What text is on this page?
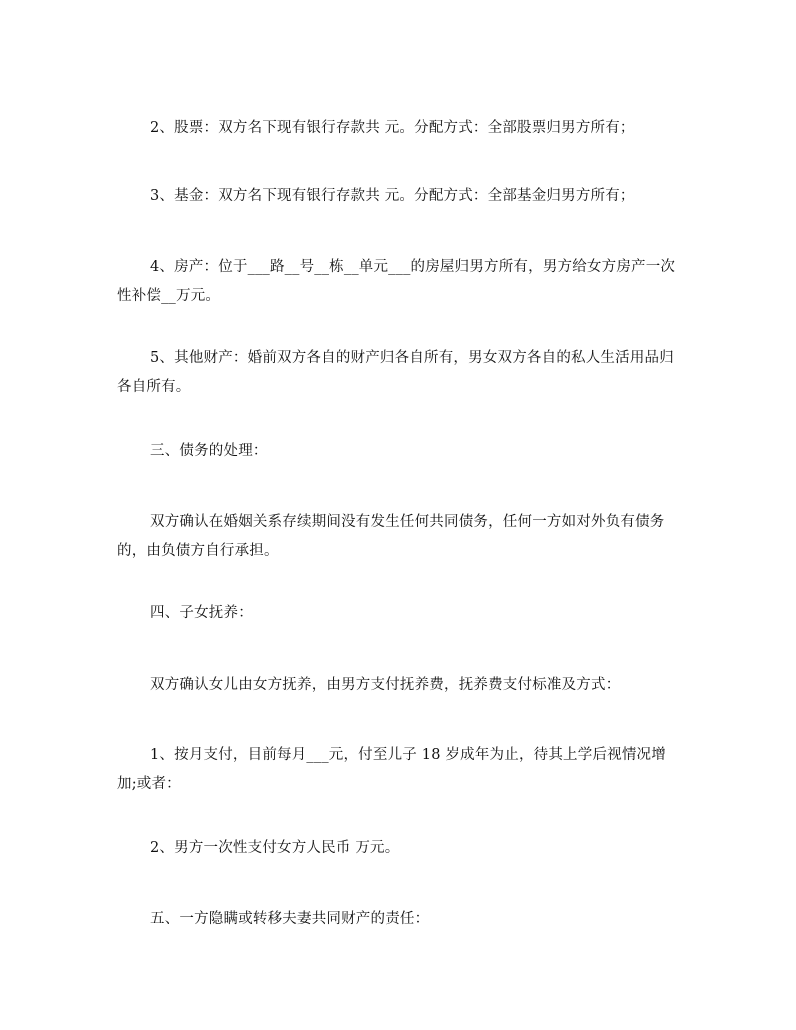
2、股票：双方名下现有银行存款共 元。分配方式：全部股票归男方所有；

3、基金：双方名下现有银行存款共 元。分配方式：全部基金归男方所有；

4、房产：位于___路__号__栋__单元___的房屋归男方所有，男方给女方房产一次性补偿__万元。

5、其他财产：婚前双方各自的财产归各自所有，男女双方各自的私人生活用品归各自所有。

三、债务的处理：

双方确认在婚姻关系存续期间没有发生任何共同债务，任何一方如对外负有债务的，由负债方自行承担。

四、子女抚养：

双方确认女儿由女方抚养，由男方支付抚养费，抚养费支付标准及方式：

1、按月支付，目前每月___元，付至儿子 18 岁成年为止，待其上学后视情况增加;或者：

2、男方一次性支付女方人民币 万元。

五、一方隐瞒或转移夫妻共同财产的责任：
